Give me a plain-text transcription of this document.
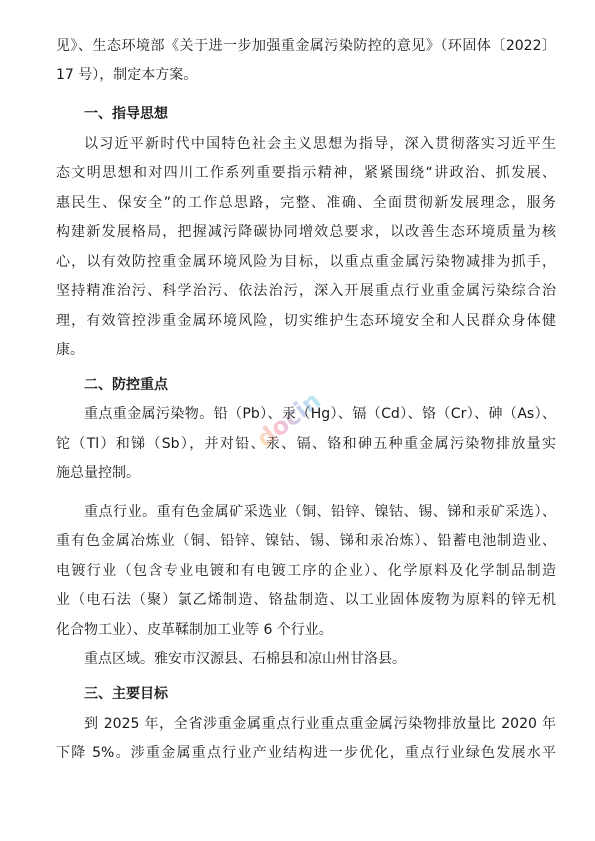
docin
见》、生态环境部《关于进一步加强重金属污染防控的意见》（环固体〔2022〕
17 号），制定本方案。
一、指导思想
以习近平新时代中国特色社会主义思想为指导，深入贯彻落实习近平生
态文明思想和对四川工作系列重要指示精神，紧紧围绕“讲政治、抓发展、
惠民生、保安全”的工作总思路，完整、准确、全面贯彻新发展理念，服务
构建新发展格局，把握减污降碳协同增效总要求，以改善生态环境质量为核
心，以有效防控重金属环境风险为目标，以重点重金属污染物减排为抓手，
坚持精准治污、科学治污、依法治污，深入开展重点行业重金属污染综合治
理，有效管控涉重金属环境风险，切实维护生态环境安全和人民群众身体健
康。
二、防控重点
重点重金属污染物。铅（Pb）、汞（Hg）、镉（Cd）、铬（Cr）、砷（As）、
铊（Tl）和锑（Sb），并对铅、汞、镉、铬和砷五种重金属污染物排放量实
施总量控制。
重点行业。重有色金属矿采选业（铜、铅锌、镍钴、锡、锑和汞矿采选）、
重有色金属冶炼业（铜、铅锌、镍钴、锡、锑和汞冶炼）、铅蓄电池制造业、
电镀行业（包含专业电镀和有电镀工序的企业）、化学原料及化学制品制造
业（电石法（聚）氯乙烯制造、铬盐制造、以工业固体废物为原料的锌无机
化合物工业）、皮革鞣制加工业等 6 个行业。
重点区域。雅安市汉源县、石棉县和凉山州甘洛县。
三、主要目标
到 2025 年，全省涉重金属重点行业重点重金属污染物排放量比 2020 年
下降 5%。涉重金属重点行业产业结构进一步优化，重点行业绿色发展水平
